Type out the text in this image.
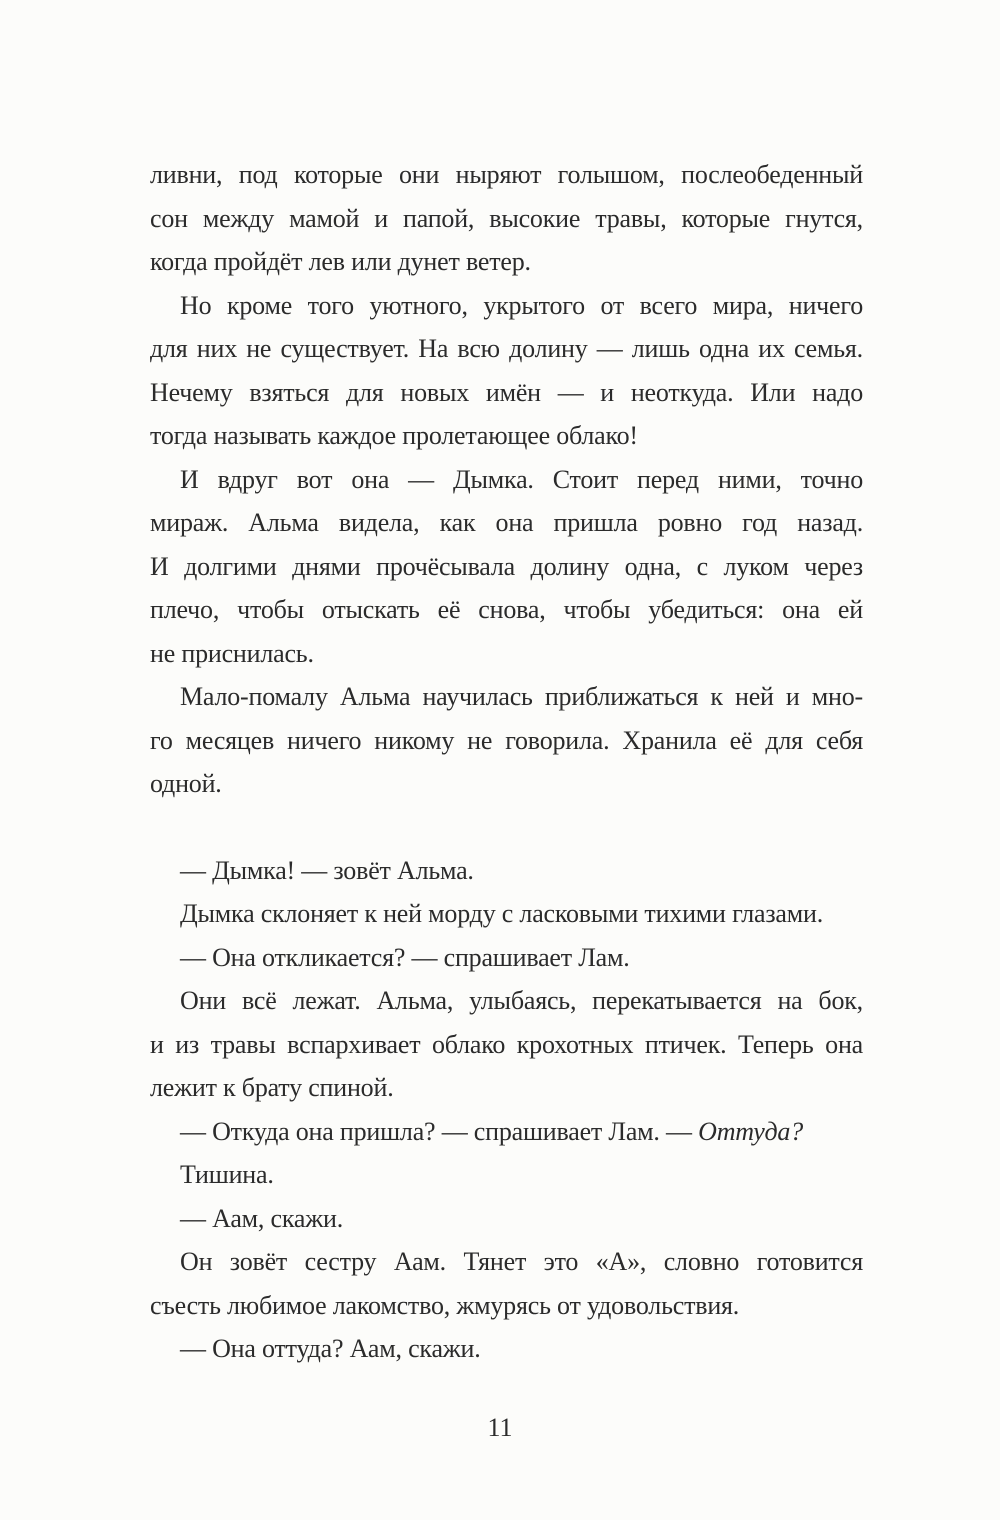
ливни, под которые они ныряют голышом, послеобеденный
сон между мамой и папой, высокие травы, которые гнутся,
когда пройдёт лев или дунет ветер.
Но кроме того уютного, укрытого от всего мира, ничего
для них не существует. На всю долину — лишь одна их семья.
Нечему взяться для новых имён — и неоткуда. Или надо
тогда называть каждое пролетающее облако!
И вдруг вот она — Дымка. Стоит перед ними, точно
мираж. Альма видела, как она пришла ровно год назад.
И долгими днями прочёсывала долину одна, с луком через
плечо, чтобы отыскать её снова, чтобы убедиться: она ей
не приснилась.
Мало-помалу Альма научилась приближаться к ней и мно-
го месяцев ничего никому не говорила. Хранила её для себя
одной.
— Дымка! — зовёт Альма.
Дымка склоняет к ней морду с ласковыми тихими глазами.
— Она откликается? — спрашивает Лам.
Они всё лежат. Альма, улыбаясь, перекатывается на бок,
и из травы вспархивает облако крохотных птичек. Теперь она
лежит к брату спиной.
— Откуда она пришла? — спрашивает Лам. — Оттуда?
Тишина.
— Аам, скажи.
Он зовёт сестру Аам. Тянет это «А», словно готовится
съесть любимое лакомство, жмурясь от удовольствия.
— Она оттуда? Аам, скажи.
11
